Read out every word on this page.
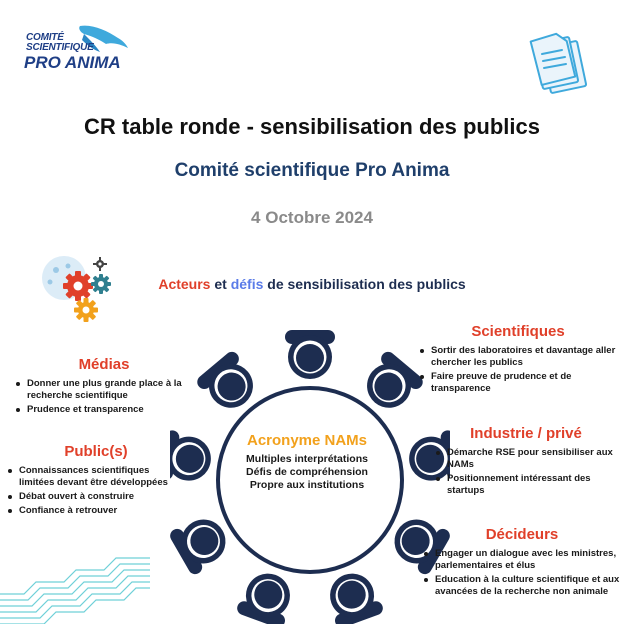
COMITÉ
SCIENTIFIQUE
PRO ANIMA
CR table ronde - sensibilisation des publics
Comité scientifique Pro Anima
4 Octobre 2024
Acteurs et défis de sensibilisation des publics
Acronyme NAMs
Multiples interprétations
Défis de compréhension
Propre aux institutions
Médias
Donner une plus grande place à la recherche scientifique
Prudence et transparence
Public(s)
Connaissances scientifiques limitées devant être développées
Débat ouvert à construire
Confiance à retrouver
Scientifiques
Sortir des laboratoires et davantage aller chercher les publics
Faire preuve de prudence et de transparence
Industrie / privé
Démarche RSE pour sensibiliser aux NAMs
Positionnement intéressant des startups
Décideurs
Engager un dialogue avec les ministres, parlementaires et élus
Education à la culture scientifique et aux avancées de la recherche non animale
